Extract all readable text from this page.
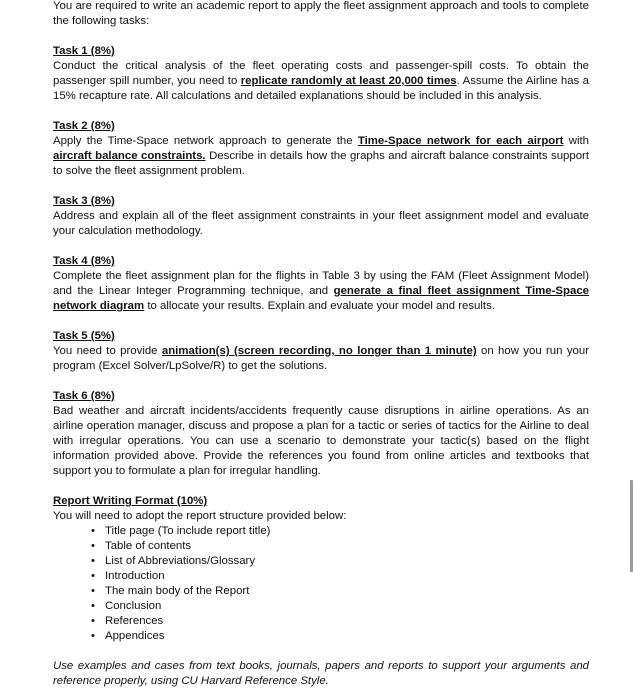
You are required to write an academic report to apply the fleet assignment approach and tools to complete the following tasks:

Task 1 (8%)

Conduct the critical analysis of the fleet operating costs and passenger-spill costs. To obtain the passenger spill number, you need to replicate randomly at least 20,000 times. Assume the Airline has a 15% recapture rate. All calculations and detailed explanations should be included in this analysis.

Task 2 (8%)

Apply the Time-Space network approach to generate the Time-Space network for each airport with aircraft balance constraints. Describe in details how the graphs and aircraft balance constraints support to solve the fleet assignment problem.

Task 3 (8%)

Address and explain all of the fleet assignment constraints in your fleet assignment model and evaluate your calculation methodology.

Task 4 (8%)

Complete the fleet assignment plan for the flights in Table 3 by using the FAM (Fleet Assignment Model) and the Linear Integer Programming technique, and generate a final fleet assignment Time-Space network diagram to allocate your results. Explain and evaluate your model and results.

Task 5 (5%)

You need to provide animation(s) (screen recording, no longer than 1 minute) on how you run your program (Excel Solver/LpSolve/R) to get the solutions.

Task 6 (8%)

Bad weather and aircraft incidents/accidents frequently cause disruptions in airline operations. As an airline operation manager, discuss and propose a plan for a tactic or series of tactics for the Airline to deal with irregular operations. You can use a scenario to demonstrate your tactic(s) based on the flight information provided above. Provide the references you found from online articles and textbooks that support you to formulate a plan for irregular handling.

Report Writing Format (10%)

You will need to adopt the report structure provided below:

• Title page (To include report title)
• Table of contents
• List of Abbreviations/Glossary
• Introduction
• The main body of the Report
• Conclusion
• References
• Appendices

Use examples and cases from text books, journals, papers and reports to support your arguments and reference properly, using CU Harvard Reference Style.
